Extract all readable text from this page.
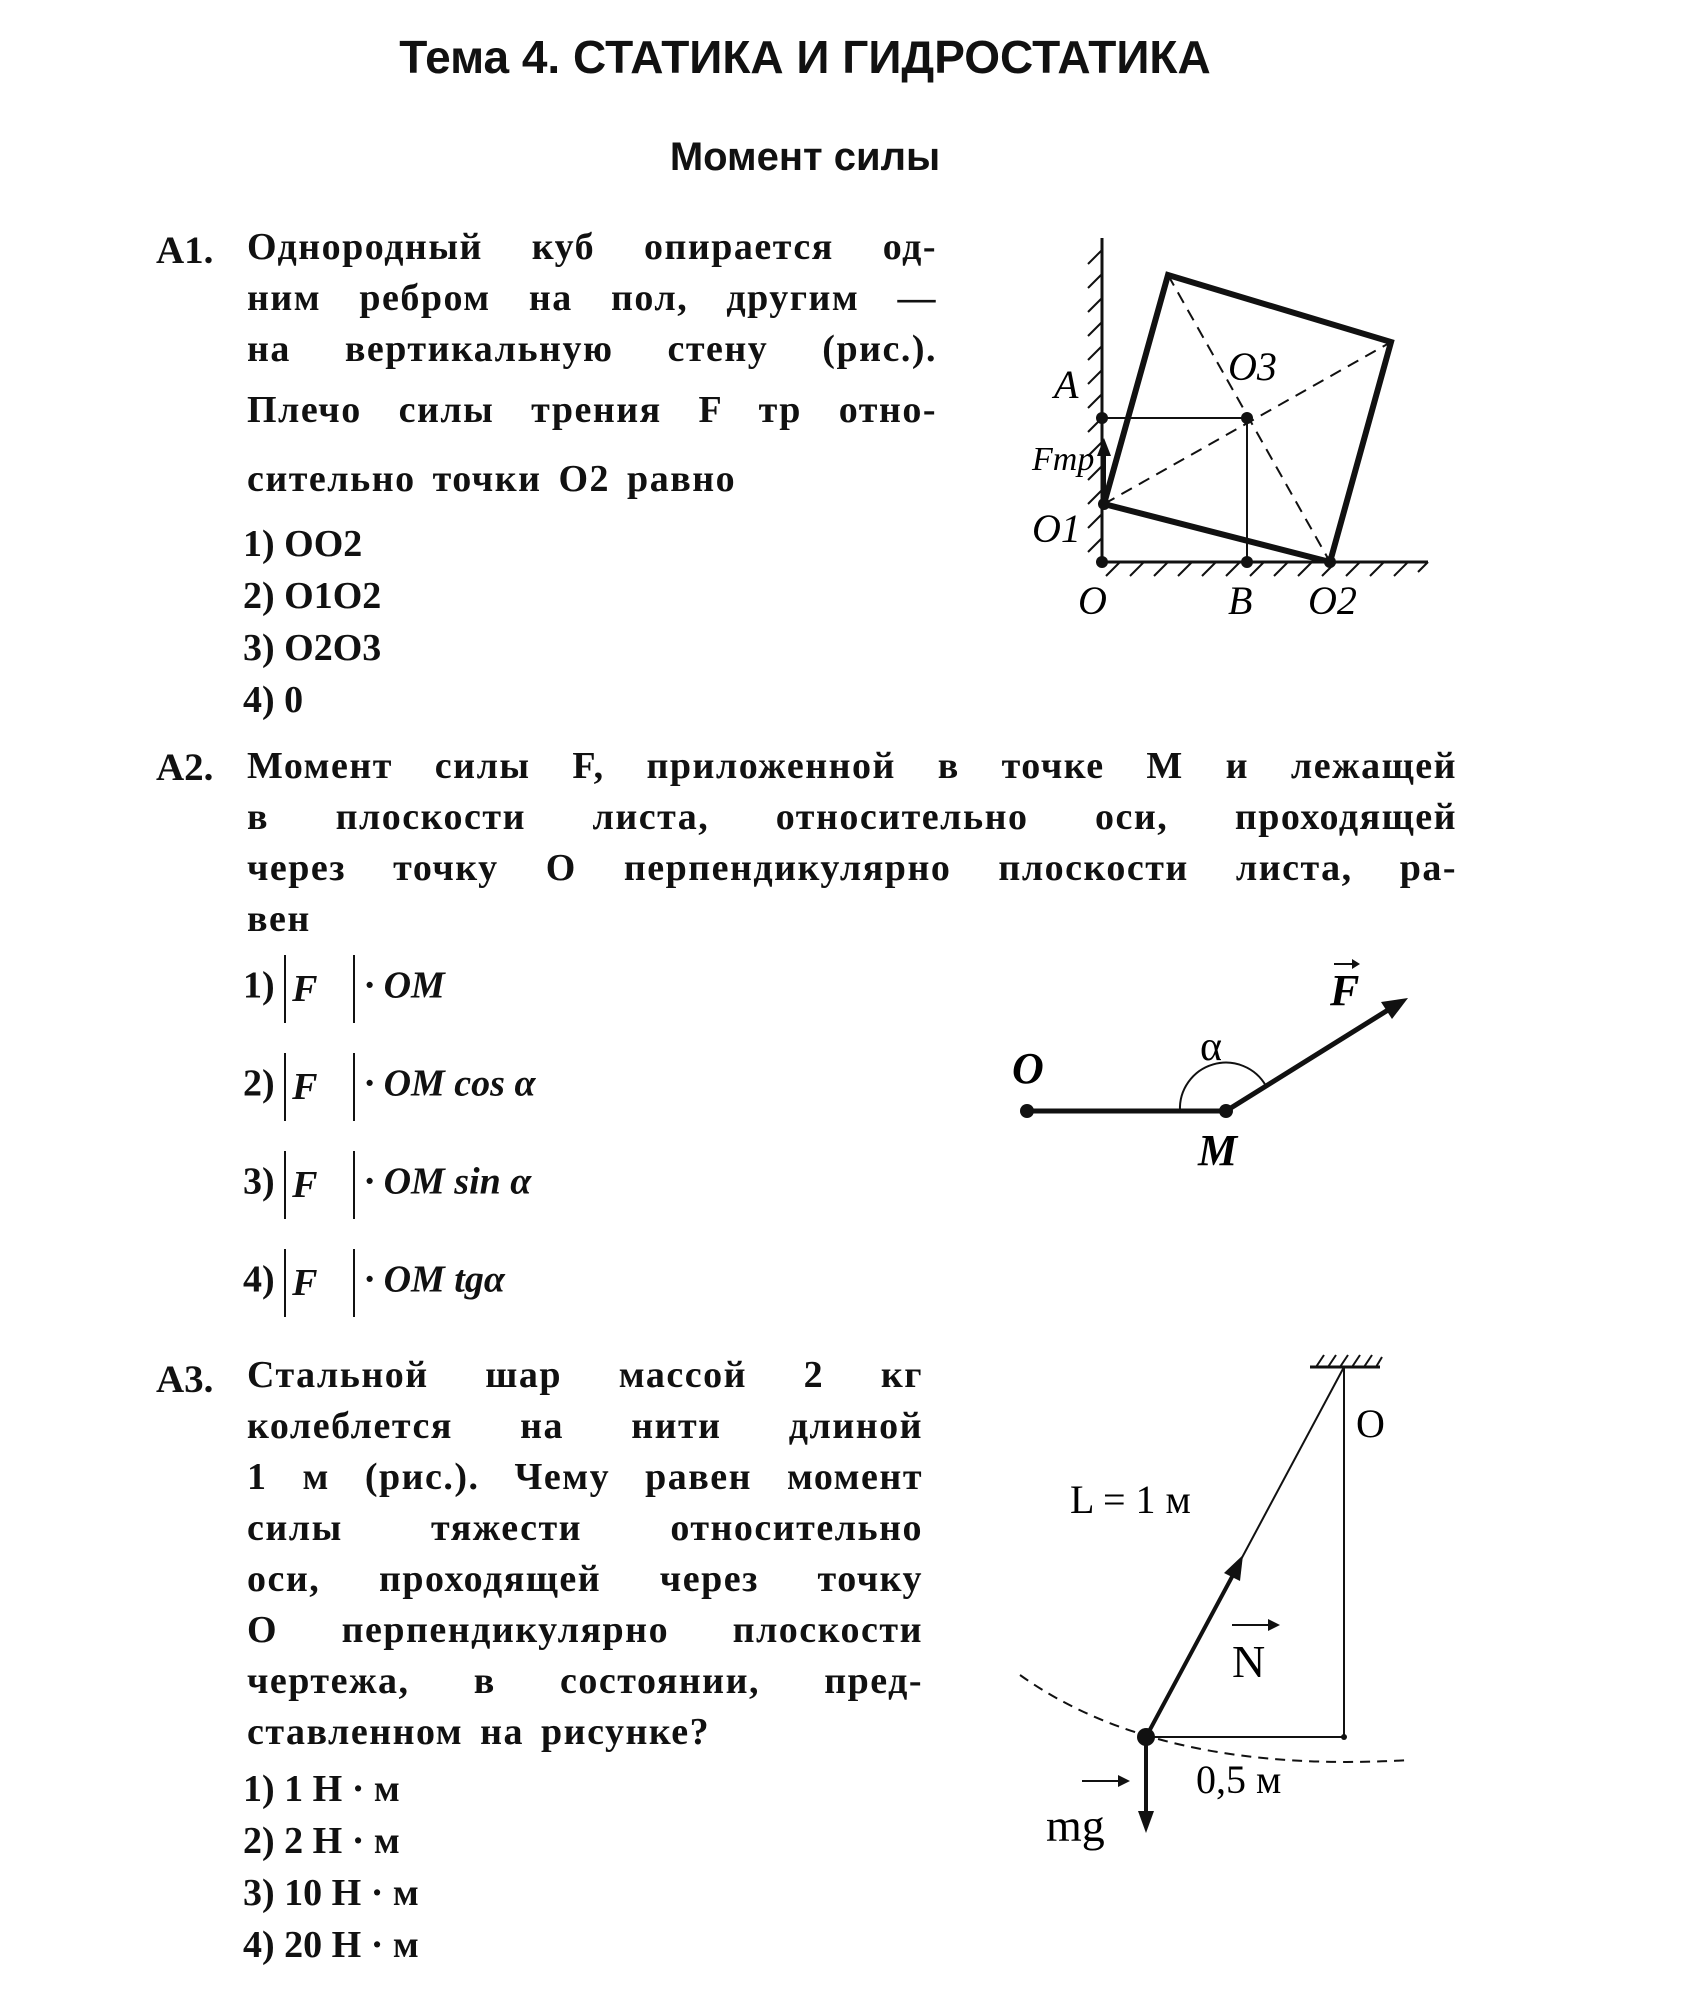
Тема 4. СТАТИКА И ГИДРОСТАТИКА
Момент силы
А1. Однородный куб опирается од-
ним ребром на пол, другим —
на вертикальную стену (рис.).
Плечо силы трения F тр отно-
сительно точки O2 равно
1) OO2
2) O1O2
3) O2O3
4) 0
A	O3
Fтр
O1
O	B O2
А2. Момент силы F, приложенной в точке M и лежащей
в плоскости листа, относительно оси, проходящей
через точку O перпендикулярно плоскости листа, ра-
вен
1) F⃗ · OM
2) F⃗ · OM cos α
3) F⃗ · OM sin α
4) F⃗ · OM tgα
O	α
M
F
А3. Стальной шар массой 2 кг
колеблется на нити длиной
1 м (рис.). Чему равен момент
силы тяжести относительно
оси, проходящей через точку
O перпендикулярно плоскости
чертежа, в состоянии, пред-
ставленном на рисунке?
1) 1 Н · м
2) 2 Н · м
3) 10 Н · м
4) 20 Н · м
O
L = 1 м
N
0,5 м
mg
